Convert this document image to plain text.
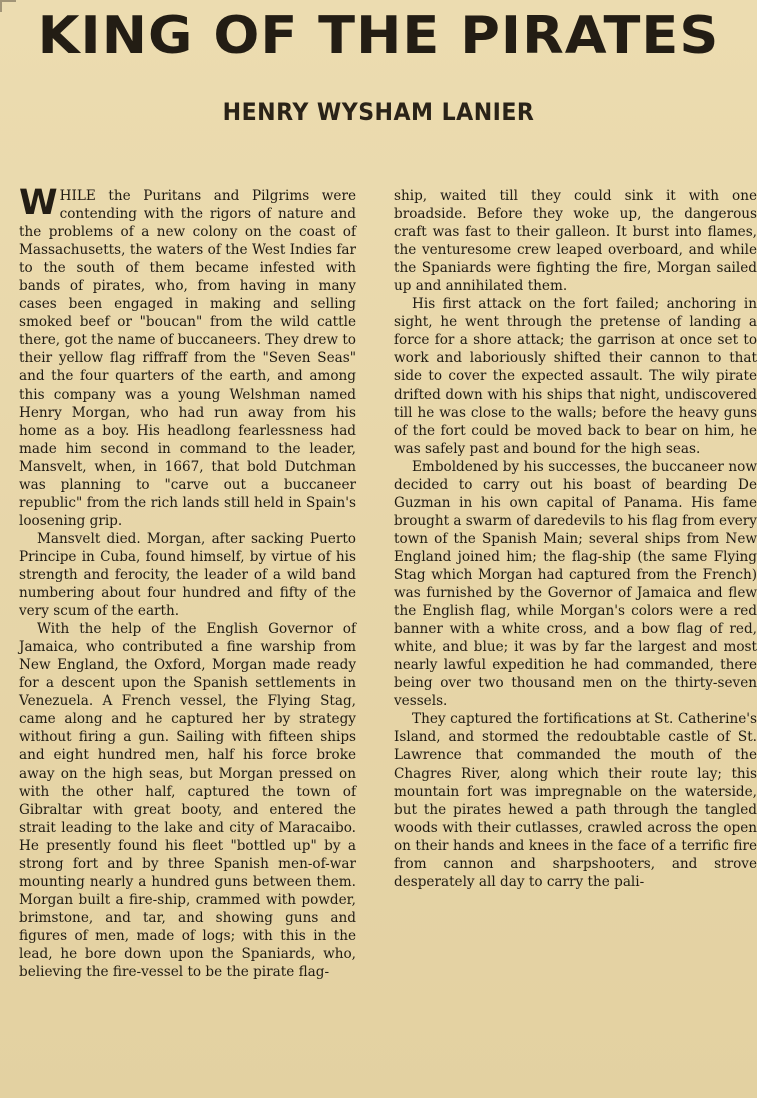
KING OF THE PIRATES
HENRY WYSHAM LANIER

WHILE the Puritans and Pilgrims were contending with the rigors of nature and the problems of a new colony on the coast of Massachusetts, the waters of the West Indies far to the south of them became infested with bands of pirates, who, from having in many cases been engaged in making and selling smoked beef or "boucan" from the wild cattle there, got the name of buccaneers. They drew to their yellow flag riffraff from the "Seven Seas" and the four quarters of the earth, and among this company was a young Welshman named Henry Morgan, who had run away from his home as a boy. His headlong fearlessness had made him second in command to the leader, Mansvelt, when, in 1667, that bold Dutchman was planning to "carve out a buccaneer republic" from the rich lands still held in Spain's loosening grip.

Mansvelt died. Morgan, after sacking Puerto Principe in Cuba, found himself, by virtue of his strength and ferocity, the leader of a wild band numbering about four hundred and fifty of the very scum of the earth.

With the help of the English Governor of Jamaica, who contributed a fine warship from New England, the Oxford, Morgan made ready for a descent upon the Spanish settlements in Venezuela. A French vessel, the Flying Stag, came along and he captured her by strategy without firing a gun. Sailing with fifteen ships and eight hundred men, half his force broke away on the high seas, but Morgan pressed on with the other half, captured the town of Gibraltar with great booty, and entered the strait leading to the lake and city of Maracaibo. He presently found his fleet "bottled up" by a strong fort and by three Spanish men-of-war mounting nearly a hundred guns between them. Morgan built a fire-ship, crammed with powder, brimstone, and tar, and showing guns and figures of men, made of logs; with this in the lead, he bore down upon the Spaniards, who, believing the fire-vessel to be the pirate flag-

ship, waited till they could sink it with one broadside. Before they woke up, the dangerous craft was fast to their galleon. It burst into flames, the venturesome crew leaped overboard, and while the Spaniards were fighting the fire, Morgan sailed up and annihilated them.

His first attack on the fort failed; anchoring in sight, he went through the pretense of landing a force for a shore attack; the garrison at once set to work and laboriously shifted their cannon to that side to cover the expected assault. The wily pirate drifted down with his ships that night, undiscovered till he was close to the walls; before the heavy guns of the fort could be moved back to bear on him, he was safely past and bound for the high seas.

Emboldened by his successes, the buccaneer now decided to carry out his boast of bearding De Guzman in his own capital of Panama. His fame brought a swarm of daredevils to his flag from every town of the Spanish Main; several ships from New England joined him; the flag-ship (the same Flying Stag which Morgan had captured from the French) was furnished by the Governor of Jamaica and flew the English flag, while Morgan's colors were a red banner with a white cross, and a bow flag of red, white, and blue; it was by far the largest and most nearly lawful expedition he had commanded, there being over two thousand men on the thirty-seven vessels.

They captured the fortifications at St. Catherine's Island, and stormed the redoubtable castle of St. Lawrence that commanded the mouth of the Chagres River, along which their route lay; this mountain fort was impregnable on the waterside, but the pirates hewed a path through the tangled woods with their cutlasses, crawled across the open on their hands and knees in the face of a terrific fire from cannon and sharpshooters, and strove desperately all day to carry the pali-
